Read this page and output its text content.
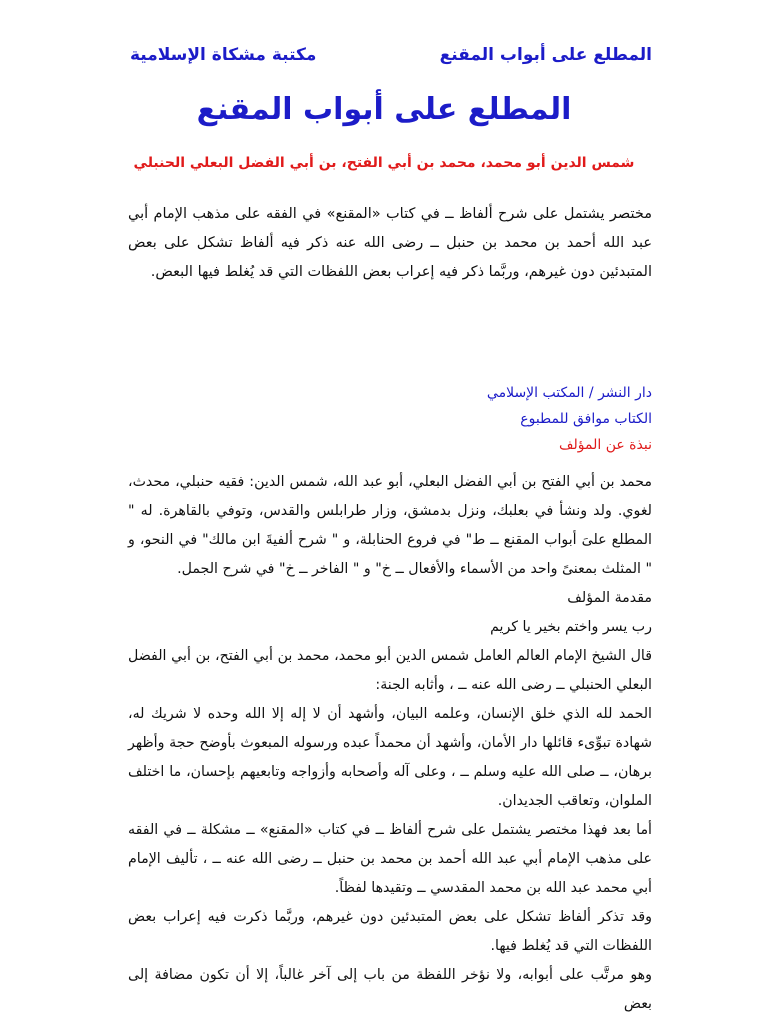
المطلع على أبواب المقنع
مكتبة مشكاة الإسلامية
المطلع على أبواب المقنع
شمس الدين أبو محمد، محمد بن أبي الفتح، بن أبي الفضل البعلي الحنبلي
مختصر يشتمل على شرح ألفاظ ــ في كتاب «المقنع» في الفقه على مذهب الإمام أبي عبد الله أحمد بن محمد بن حنبل ــ رضى الله عنه ذكر فيه ألفاظ تشكل على بعض المتبدئين دون غيرهم، وربَّما ذكر فيه إعراب بعض اللفظات التي قد يُغلط فيها البعض.
دار النشر / المكتب الإسلامي
الكتاب موافق للمطبوع
نبذة عن المؤلف

محمد بن أبي الفتح بن أبي الفضل البعلي، أبو عبد الله، شمس الدين: فقيه حنبلي، محدث، لغوي. ولد ونشأ في بعلبك، ونزل بدمشق، وزار طرابلس والقدس، وتوفي بالقاهرة. له " المطلع علىَ أبواب المقنع ــ ط" في فروع الحنابلة، و " شرح ألفيةَ ابن مالك" في النحو، و " المثلث بمعنىً واحد من الأسماء والأفعال ــ خ" و " الفاخر ــ خ" في شرح الجمل.

مقدمة المؤلف

رب يسر واختم بخير يا كريم

قال الشيخ الإمام العالم العامل شمس الدين أبو محمد، محمد بن أبي الفتح، بن أبي الفضل البعلي الحنبلي ــ رضى الله عنه ــ ، وأثابه الجنة:

الحمد لله الذي خلق الإنسان، وعلمه البيان، وأشهد أن لا إله إلا الله وحده لا شريك له، شهادة تبوِّىء قائلها دار الأمان، وأشهد أن محمداً عبده ورسوله المبعوث بأوضح حجة وأظهر برهان، ــ صلى الله عليه وسلم ــ ، وعلى آله وأصحابه وأزواجه وتابعيهم بإحسان، ما اختلف الملوان، وتعاقب الجديدان.

أما بعد فهذا مختصر يشتمل على شرح ألفاظ ــ في كتاب «المقنع» ــ مشكلة ــ في الفقه على مذهب الإمام أبي عبد الله أحمد بن محمد بن حنبل ــ رضى الله عنه ــ ، تأليف الإمام أبي محمد عبد الله بن محمد المقدسي ــ وتقيدها لفظاً.

وقد تذكر ألفاظ تشكل على بعض المتبدئين دون غيرهم، وربَّما ذكرت فيه إعراب بعض اللفظات التي قد يُغلط فيها.

وهو مرتَّب على أبوابه، ولا نؤخر اللفظة من باب إلى آخر غالباً، إلا أن تكون مضافة إلى بعض
